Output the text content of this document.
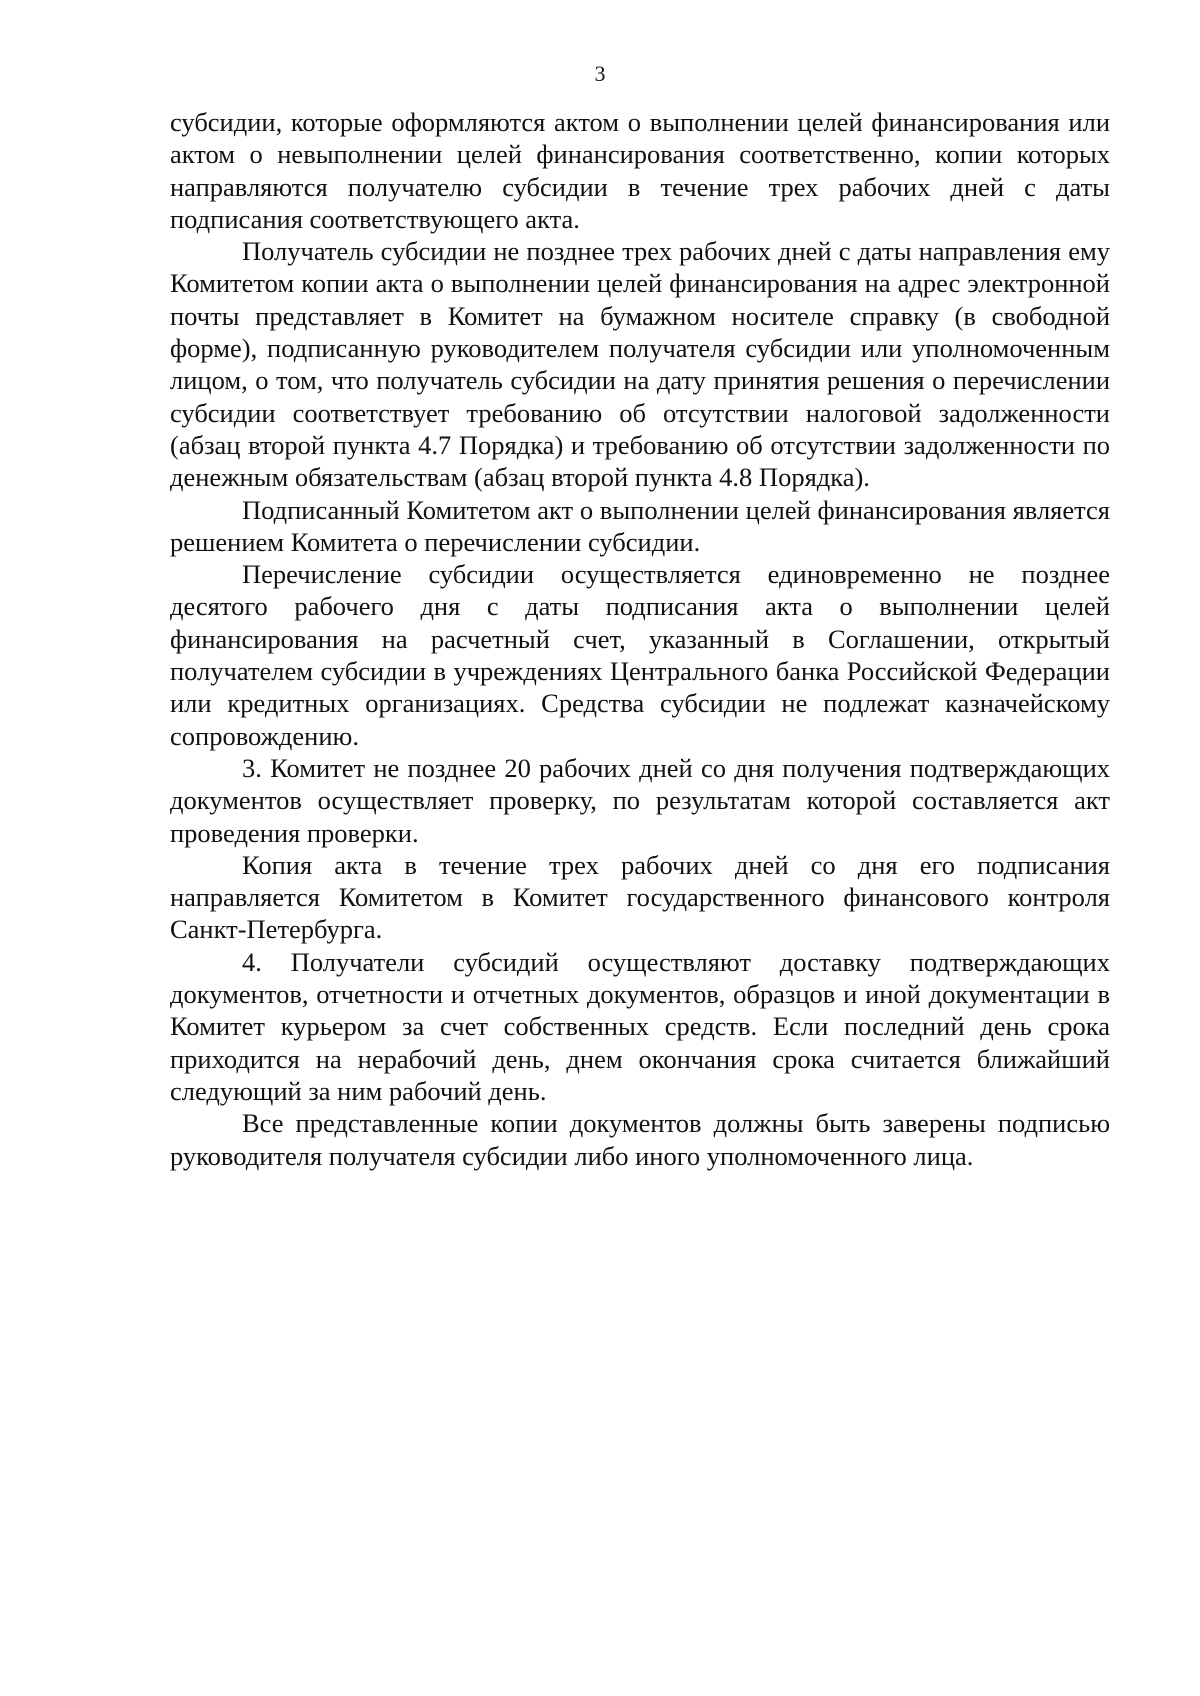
3

субсидии, которые оформляются актом о выполнении целей финансирования или актом о невыполнении целей финансирования соответственно, копии которых направляются получателю субсидии в течение трех рабочих дней с даты подписания соответствующего акта.

Получатель субсидии не позднее трех рабочих дней с даты направления ему Комитетом копии акта о выполнении целей финансирования на адрес электронной почты представляет в Комитет на бумажном носителе справку (в свободной форме), подписанную руководителем получателя субсидии или уполномоченным лицом, о том, что получатель субсидии на дату принятия решения о перечислении субсидии соответствует требованию об отсутствии налоговой задолженности (абзац второй пункта 4.7 Порядка) и требованию об отсутствии задолженности по денежным обязательствам (абзац второй пункта 4.8 Порядка).

Подписанный Комитетом акт о выполнении целей финансирования является решением Комитета о перечислении субсидии.

Перечисление субсидии осуществляется единовременно не позднее десятого рабочего дня с даты подписания акта о выполнении целей финансирования на расчетный счет, указанный в Соглашении, открытый получателем субсидии в учреждениях Центрального банка Российской Федерации или кредитных организациях. Средства субсидии не подлежат казначейскому сопровождению.

3. Комитет не позднее 20 рабочих дней со дня получения подтверждающих документов осуществляет проверку, по результатам которой составляется акт проведения проверки.

Копия акта в течение трех рабочих дней со дня его подписания направляется Комитетом в Комитет государственного финансового контроля Санкт-Петербурга.

4. Получатели субсидий осуществляют доставку подтверждающих документов, отчетности и отчетных документов, образцов и иной документации в Комитет курьером за счет собственных средств. Если последний день срока приходится на нерабочий день, днем окончания срока считается ближайший следующий за ним рабочий день.

Все представленные копии документов должны быть заверены подписью руководителя получателя субсидии либо иного уполномоченного лица.
